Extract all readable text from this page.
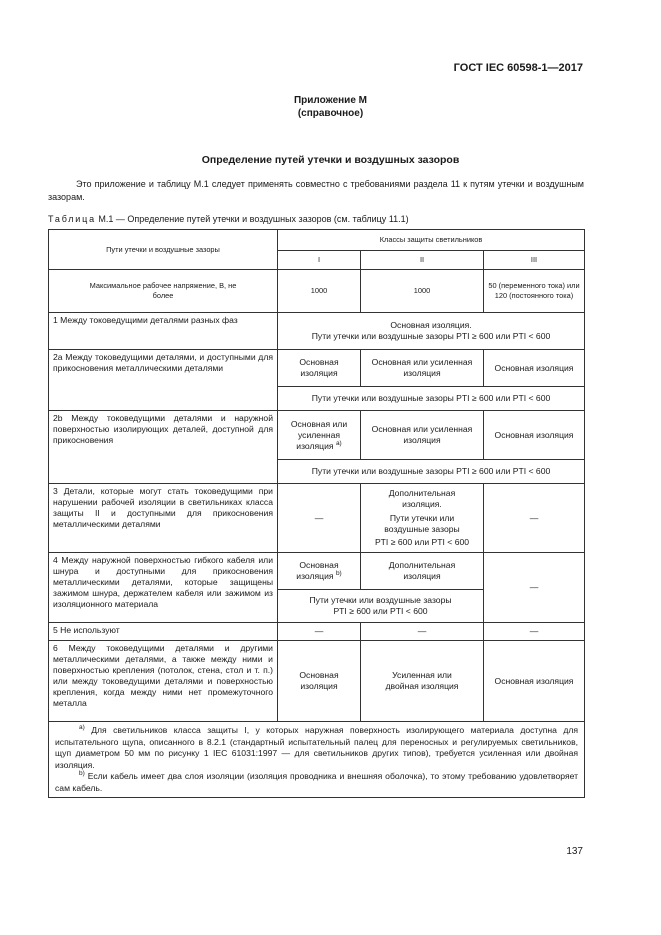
ГОСТ IEC 60598-1—2017
Приложение М
(справочное)
Определение путей утечки и воздушных зазоров
Это приложение и таблицу М.1 следует применять совместно с требованиями раздела 11 к путям утечки и воздушным зазорам.
Таблица М.1 — Определение путей утечки и воздушных зазоров (см. таблицу 11.1)
Пути утечки и воздушные зазоры	Классы защиты светильников		
	I	II	III
Максимальное рабочее напряжение, В, не более	1000	1000	50 (переменного тока) или 120 (постоянного тока)
1 Между токоведущими деталями разных фаз	Основная изоляция.
Пути утечки или воздушные зазоры PTI ≥ 600 или PTI < 600		

2a Между токоведущими деталями, и доступными для прикосновения металлическими деталями	Основная изоляция	Основная или усиленная изоляция	Основная изоляция
	Пути утечки или воздушные зазоры PTI ≥ 600 или PTI < 600		
2b Между токоведущими деталями и наружной поверхностью изолирующих деталей, доступной для прикосновения	Основная или усиленная изоляция $^{a)}$	Основная или усиленная изоляция	Основная изоляция
	Пути утечки или воздушные зазоры PTI ≥ 600 или PTI < 600		
3 Детали, которые могут стать токоведущими при нарушении рабочей изоляции в светильниках класса защиты II и доступными для прикосновения металлическими деталями	—	Дополнительная изоляция.
Пути утечки или воздушные зазоры
PTI ≥ 600 или PTI < 600	—
4 Между наружной поверхностью гибкого кабеля или шнура и доступными для прикосновения металлическими деталями, которые защищены зажимом шнура, держателем кабеля или зажимом из изоляционного материала	Основная изоляция $^{b)}$	Дополнительная изоляция	—
	Пути утечки или воздушные зазоры PTI ≥ 600 или PTI < 600		
5 Не используют	—	—	—
6 Между токоведущими деталями и другими металлическими деталями, а также между ними и поверхностью крепления (потолок, стена, стол и т. п.) или между токоведущими деталями и поверхностью крепления, когда между ними нет промежуточного металла	Основная изоляция	Усиленная или двойная изоляция	Основная изоляция

$^{a)}$ Для светильников класса защиты I, у которых наружная поверхность изолирующего материала доступна для испытательного щупа, описанного в 8.2.1 (стандартный испытательный палец для переносных и регулируемых светильников, щуп диаметром 50 мм по рисунку 1 IEC 61031:1997 — для светильников других типов), требуется усиленная или двойная изоляция.

$^{b)}$ Если кабель имеет два слоя изоляции (изоляция проводника и внешняя оболочка), то этому требованию удовлетворяет сам кабель.			

137
